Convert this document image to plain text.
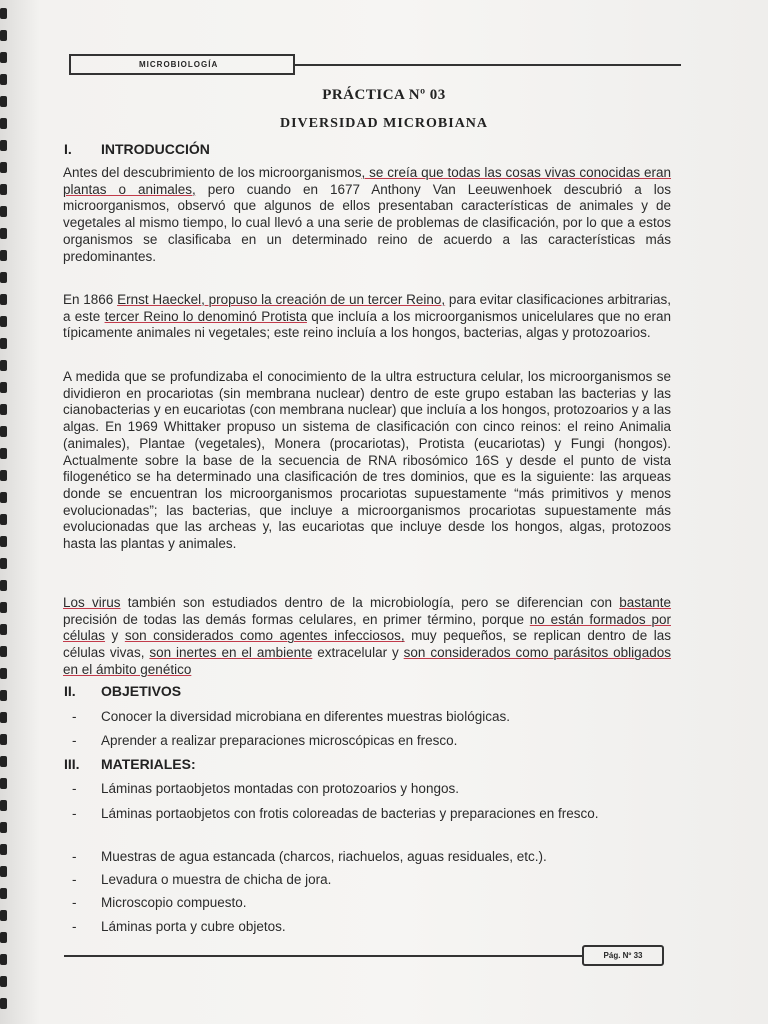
MICROBIOLOGÍA
PRÁCTICA Nº 03
DIVERSIDAD MICROBIANA
I. INTRODUCCIÓN
Antes del descubrimiento de los microorganismos, se creía que todas las cosas vivas conocidas eran plantas o animales, pero cuando en 1677 Anthony Van Leeuwenhoek descubrió a los microorganismos, observó que algunos de ellos presentaban características de animales y de vegetales al mismo tiempo, lo cual llevó a una serie de problemas de clasificación, por lo que a estos organismos se clasificaba en un determinado reino de acuerdo a las características más predominantes.
En 1866 Ernst Haeckel, propuso la creación de un tercer Reino, para evitar clasificaciones arbitrarias, a este tercer Reino lo denominó Protista que incluía a los microorganismos unicelulares que no eran típicamente animales ni vegetales; este reino incluía a los hongos, bacterias, algas y protozoarios.
A medida que se profundizaba el conocimiento de la ultra estructura celular, los microorganismos se dividieron en procariotas (sin membrana nuclear) dentro de este grupo estaban las bacterias y las cianobacterias y en eucariotas (con membrana nuclear) que incluía a los hongos, protozoarios y a las algas. En 1969 Whittaker propuso un sistema de clasificación con cinco reinos: el reino Animalia (animales), Plantae (vegetales), Monera (procariotas), Protista (eucariotas) y Fungi (hongos). Actualmente sobre la base de la secuencia de RNA ribosómico 16S y desde el punto de vista filogenético se ha determinado una clasificación de tres dominios, que es la siguiente: las arqueas donde se encuentran los microorganismos procariotas supuestamente “más primitivos y menos evolucionadas”; las bacterias, que incluye a microorganismos procariotas supuestamente más evolucionadas que las archeas y, las eucariotas que incluye desde los hongos, algas, protozoos hasta las plantas y animales.
Los virus también son estudiados dentro de la microbiología, pero se diferencian con bastante precisión de todas las demás formas celulares, en primer término, porque no están formados por células y son considerados como agentes infecciosos, muy pequeños, se replican dentro de las células vivas, son inertes en el ambiente extracelular y son considerados como parásitos obligados en el ámbito genético
II. OBJETIVOS
- Conocer la diversidad microbiana en diferentes muestras biológicas.
- Aprender a realizar preparaciones microscópicas en fresco.
III. MATERIALES:
- Láminas portaobjetos montadas con protozoarios y hongos.
- Láminas portaobjetos con frotis coloreadas de bacterias y preparaciones en fresco.
- Muestras de agua estancada (charcos, riachuelos, aguas residuales, etc.).
- Levadura o muestra de chicha de jora.
- Microscopio compuesto.
- Láminas porta y cubre objetos.
Pág. Nº 33
